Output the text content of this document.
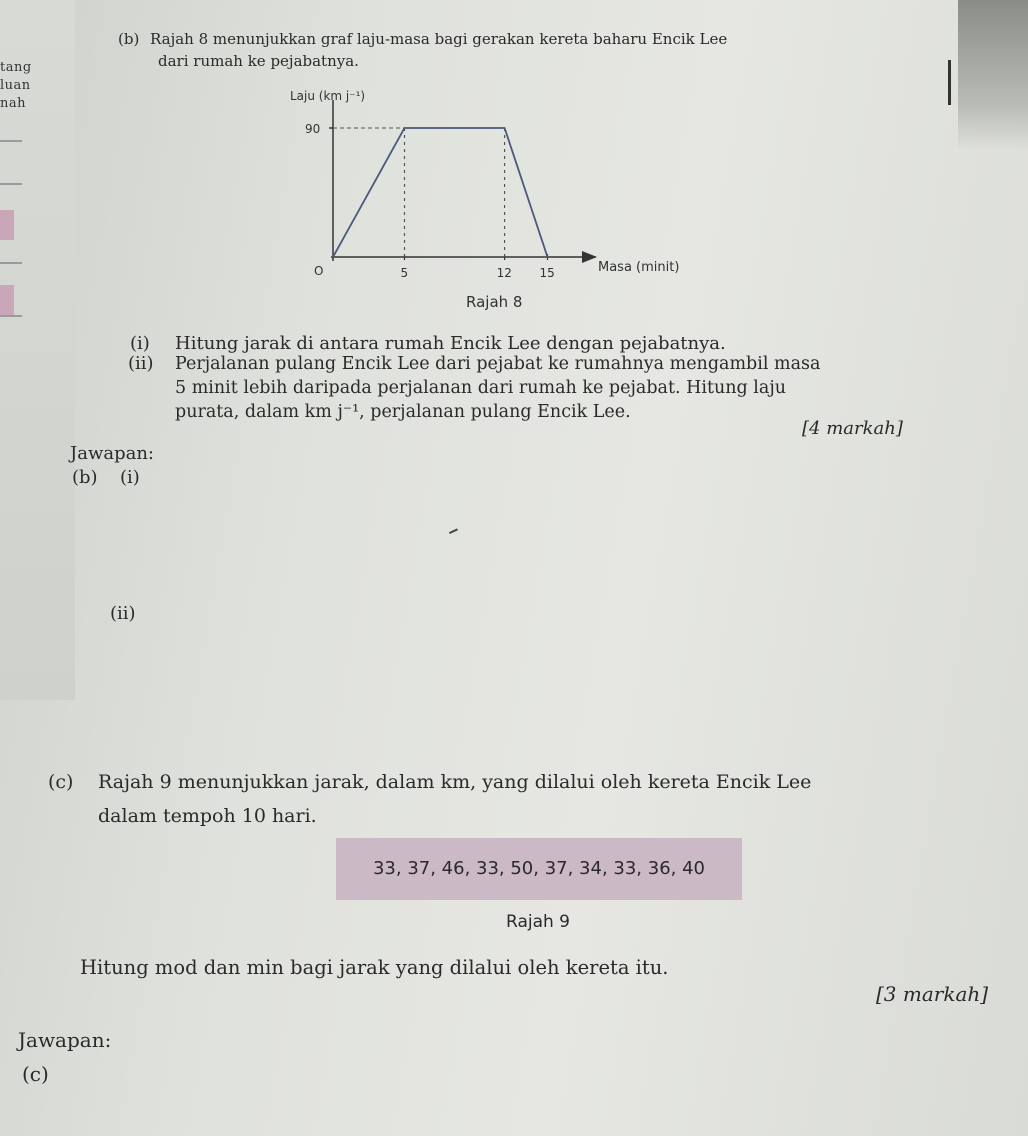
tang
luan
nah
(b) Rajah 8 menunjukkan graf laju-masa bagi gerakan kereta baharu Encik Lee
dari rumah ke pejabatnya.
90
5	12 15
Laju (km j⁻¹)
Masa (minit)
O
Rajah 8
(i) Hitung jarak di antara rumah Encik Lee dengan pejabatnya.
(ii) Perjalanan pulang Encik Lee dari pejabat ke rumahnya mengambil masa
5 minit lebih daripada perjalanan dari rumah ke pejabat. Hitung laju
purata, dalam km j⁻¹, perjalanan pulang Encik Lee.
[4 markah]
Jawapan:
(b) (i)
(ii)
(c) Rajah 9 menunjukkan jarak, dalam km, yang dilalui oleh kereta Encik Lee
dalam tempoh 10 hari.
33, 37, 46, 33, 50, 37, 34, 33, 36, 40
Rajah 9
Hitung mod dan min bagi jarak yang dilalui oleh kereta itu.
[3 markah]
Jawapan:
(c)
